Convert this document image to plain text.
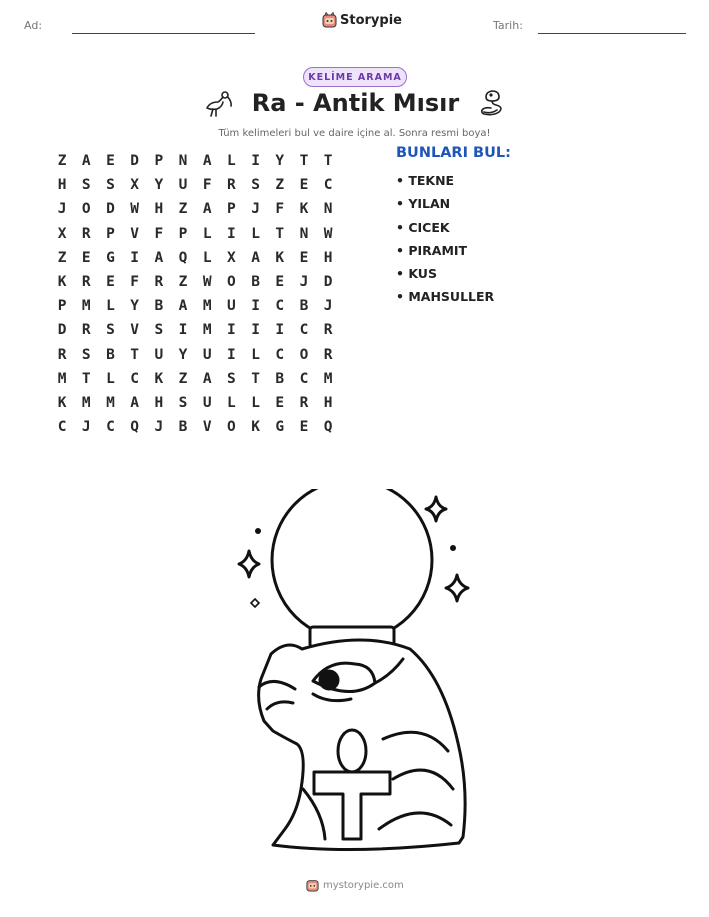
Ad:	Storypie	Tarih:
KELİME ARAMA
Ra - Antik Mısır
Tüm kelimeleri bul ve daire içine al. Sonra resmi boya!
Z	A	E	D	P	N	A	L	I	Y	T	T
H	S	S	X	Y	U	F	R	S	Z	E	C
J	O	D	W	H	Z	A	P	J	F	K	N
X	R	P	V	F	P	L	I	L	T	N	W
Z	E	G	I	A	Q	L	X	A	K	E	H
K	R	E	F	R	Z	W	O	B	E	J	D
P	M	L	Y	B	A	M	U	I	C	B	J
D	R	S	V	S	I	M	I	I	I	C	R
R	S	B	T	U	Y	U	I	L	C	O	R
M	T	L	C	K	Z	A	S	T	B	C	M
K	M	M	A	H	S	U	L	L	E	R	H
C	J	C	Q	J	B	V	O	K	G	E	Q
BUNLARI BUL:
• TEKNE
• YILAN
• CICEK
• PIRAMIT
• KUS
• MAHSULLER
mystorypie.com
